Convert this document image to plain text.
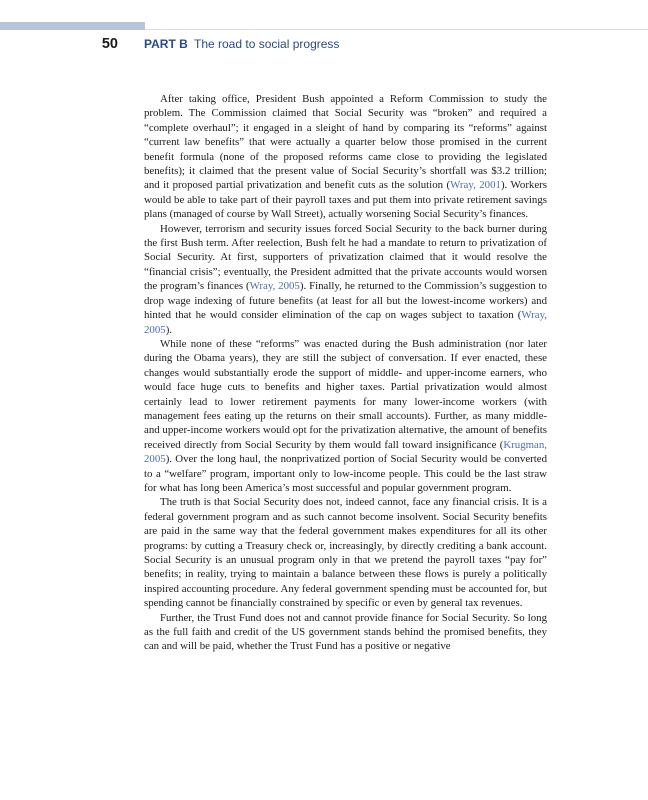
50 PART B The road to social progress

After taking office, President Bush appointed a Reform Commission to study the problem. The Commission claimed that Social Security was “broken” and required a “complete overhaul”; it engaged in a sleight of hand by comparing its “reforms” against “current law benefits” that were actually a quarter below those promised in the current benefit formula (none of the proposed reforms came close to providing the legislated benefits); it claimed that the present value of Social Security’s shortfall was $3.2 trillion; and it proposed partial privatization and benefit cuts as the solution (Wray, 2001). Workers would be able to take part of their payroll taxes and put them into private retirement savings plans (managed of course by Wall Street), actually worsening Social Security’s finances.

However, terrorism and security issues forced Social Security to the back burner during the first Bush term. After reelection, Bush felt he had a mandate to return to privatization of Social Security. At first, supporters of privatization claimed that it would resolve the “financial crisis”; eventually, the President admitted that the private accounts would worsen the program’s finances (Wray, 2005). Finally, he returned to the Commission’s suggestion to drop wage indexing of future benefits (at least for all but the lowest-income workers) and hinted that he would consider elimination of the cap on wages subject to taxation (Wray, 2005).

While none of these “reforms” was enacted during the Bush administration (nor later during the Obama years), they are still the subject of conversation. If ever enacted, these changes would substantially erode the support of middle- and upper-income earners, who would face huge cuts to benefits and higher taxes. Partial privatization would almost certainly lead to lower retirement payments for many lower-income workers (with management fees eating up the returns on their small accounts). Further, as many middle- and upper-income workers would opt for the privatization alternative, the amount of benefits received directly from Social Security by them would fall toward insignificance (Krugman, 2005). Over the long haul, the nonprivatized portion of Social Security would be converted to a “welfare” program, important only to low-income people. This could be the last straw for what has long been America’s most successful and popular government program.

The truth is that Social Security does not, indeed cannot, face any financial crisis. It is a federal government program and as such cannot become insolvent. Social Security benefits are paid in the same way that the federal government makes expenditures for all its other programs: by cutting a Treasury check or, increasingly, by directly crediting a bank account. Social Security is an unusual program only in that we pretend the payroll taxes “pay for” benefits; in reality, trying to maintain a balance between these flows is purely a politically inspired accounting procedure. Any federal government spending must be accounted for, but spending cannot be financially constrained by specific or even by general tax revenues.

Further, the Trust Fund does not and cannot provide finance for Social Security. So long as the full faith and credit of the US government stands behind the promised benefits, they can and will be paid, whether the Trust Fund has a positive or negative
